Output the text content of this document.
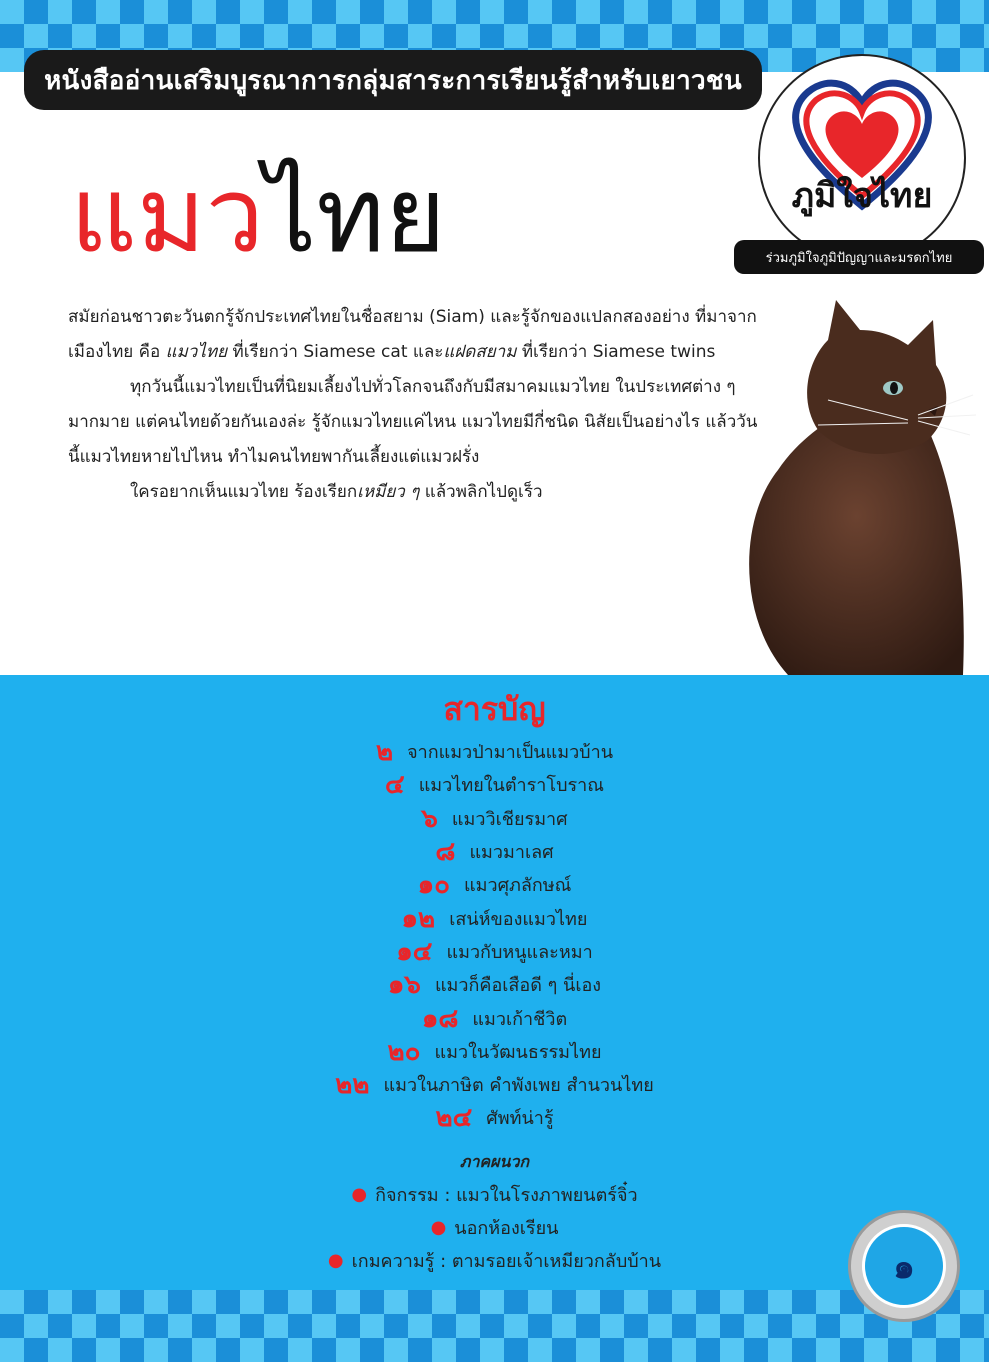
หนังสืออ่านเสริมบูรณาการกลุ่มสาระการเรียนรู้สำหรับเยาวชน
ภูมิใจไทย
ร่วมภูมิใจภูมิปัญญาและมรดกไทย
แมวไทย

สมัยก่อนชาวตะวันตกรู้จักประเทศไทยในชื่อสยาม (Siam) และรู้จักของแปลกสองอย่าง ที่มาจากเมืองไทย คือ แมวไทย ที่เรียกว่า Siamese cat และแฝดสยาม ที่เรียกว่า Siamese twins

ทุกวันนี้แมวไทยเป็นที่นิยมเลี้ยงไปทั่วโลกจนถึงกับมีสมาคมแมวไทย ในประเทศต่าง ๆ มากมาย แต่คนไทยด้วยกันเองล่ะ รู้จักแมวไทยแค่ไหน แมวไทยมีกี่ชนิด นิสัยเป็นอย่างไร แล้ววันนี้แมวไทยหายไปไหน ทำไมคนไทยพากันเลี้ยงแต่แมวฝรั่ง

ใครอยากเห็นแมวไทย ร้องเรียกเหมียว ๆ แล้วพลิกไปดูเร็ว

สารบัญ
๒ จากแมวป่ามาเป็นแมวบ้าน
๔ แมวไทยในตำราโบราณ
๖ แมววิเชียรมาศ
๘ แมวมาเลศ
๑๐ แมวศุภลักษณ์
๑๒ เสน่ห์ของแมวไทย
๑๔ แมวกับหนูและหมา
๑๖ แมวก็คือเสือดี ๆ นี่เอง
๑๘ แมวเก้าชีวิต
๒๐ แมวในวัฒนธรรมไทย
๒๒ แมวในภาษิต คำพังเพย สำนวนไทย
๒๔ ศัพท์น่ารู้
ภาคผนวก
● กิจกรรม : แมวในโรงภาพยนตร์จิ๋ว
● นอกห้องเรียน
● เกมความรู้ : ตามรอยเจ้าเหมียวกลับบ้าน	๑
